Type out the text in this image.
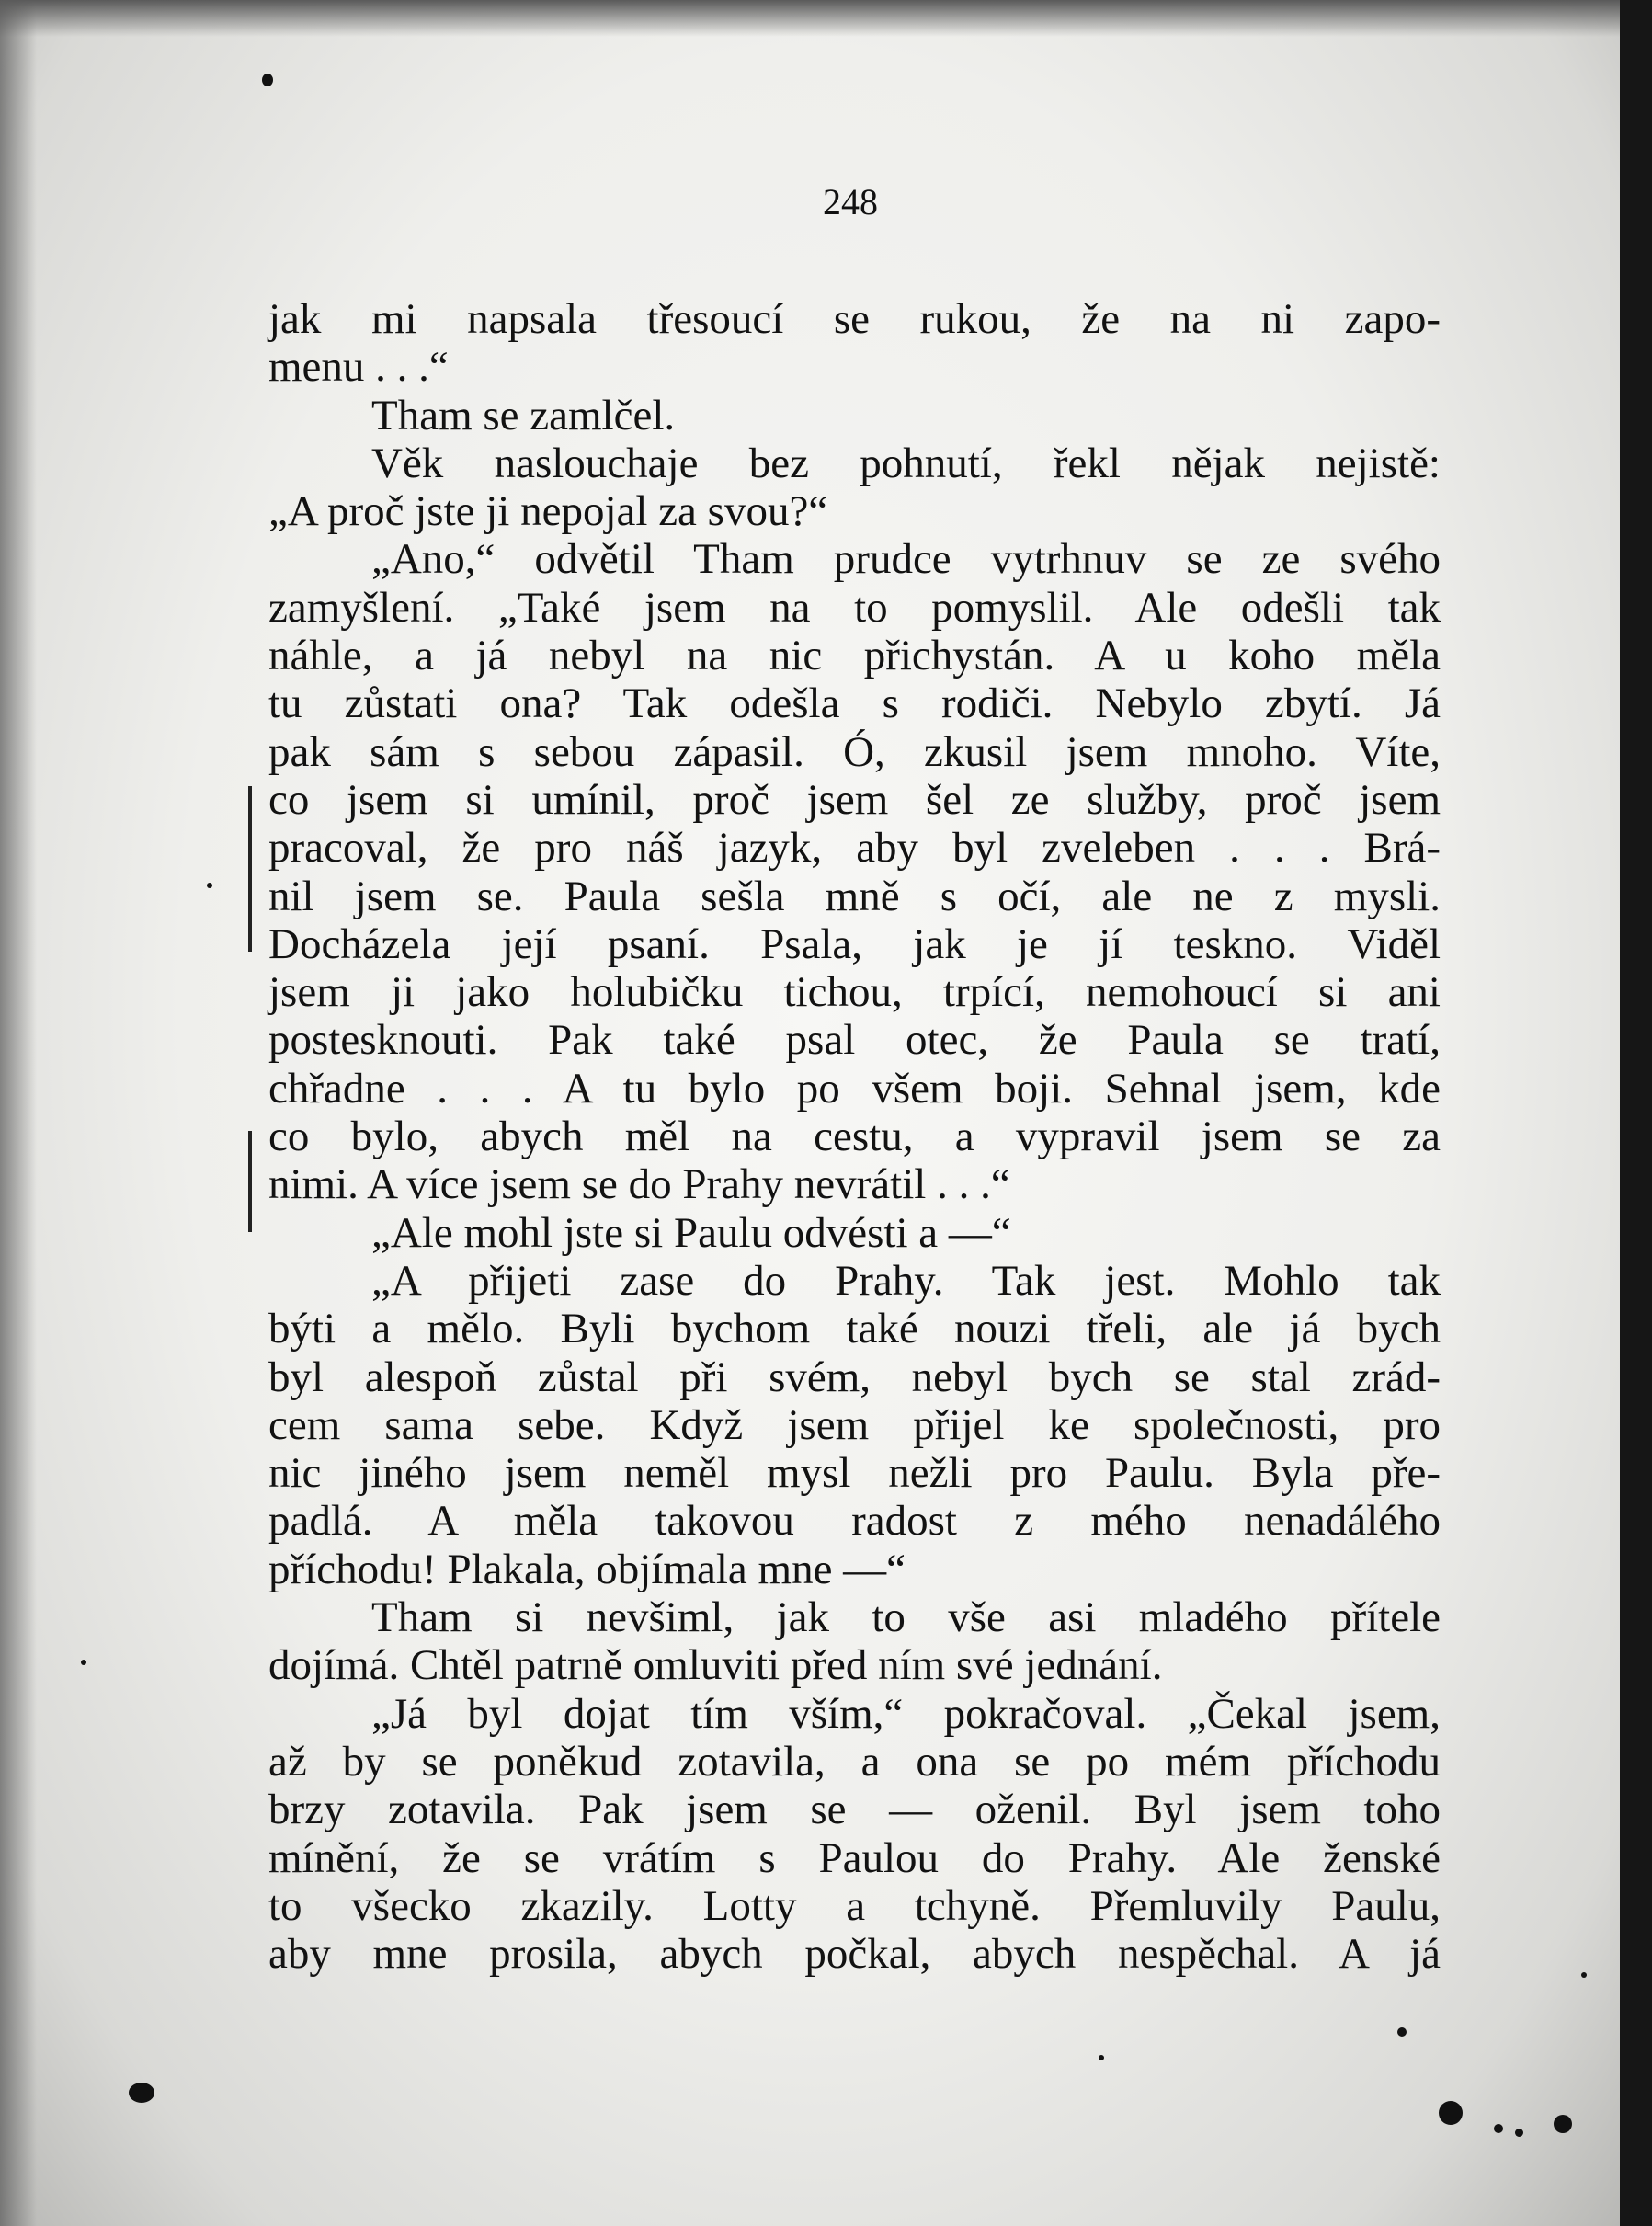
248
jak mi napsala třesoucí se rukou, že na ni zapo-
menu . . .“
Tham se zamlčel.
Věk naslouchaje bez pohnutí, řekl nějak nejistě:
„A proč jste ji nepojal za svou?“
„Ano,“ odvětil Tham prudce vytrhnuv se ze svého
zamyšlení. „Také jsem na to pomyslil. Ale odešli tak
náhle, a já nebyl na nic přichystán. A u koho měla
tu zůstati ona? Tak odešla s rodiči. Nebylo zbytí. Já
pak sám s sebou zápasil. Ó, zkusil jsem mnoho. Víte,
co jsem si umínil, proč jsem šel ze služby, proč jsem
pracoval, že pro náš jazyk, aby byl zveleben . . . Brá-
nil jsem se. Paula sešla mně s očí, ale ne z mysli.
Docházela její psaní. Psala, jak je jí teskno. Viděl
jsem ji jako holubičku tichou, trpící, nemohoucí si ani
postesknouti. Pak také psal otec, že Paula se tratí,
chřadne . . . A tu bylo po všem boji. Sehnal jsem, kde
co bylo, abych měl na cestu, a vypravil jsem se za
nimi. A více jsem se do Prahy nevrátil . . .“
„Ale mohl jste si Paulu odvésti a —“
„A přijeti zase do Prahy. Tak jest. Mohlo tak
býti a mělo. Byli bychom také nouzi třeli, ale já bych
byl alespoň zůstal při svém, nebyl bych se stal zrád-
cem sama sebe. Když jsem přijel ke společnosti, pro
nic jiného jsem neměl mysl nežli pro Paulu. Byla pře-
padlá. A měla takovou radost z mého nenadálého
příchodu! Plakala, objímala mne —“
Tham si nevšiml, jak to vše asi mladého přítele
dojímá. Chtěl patrně omluviti před ním své jednání.
„Já byl dojat tím vším,“ pokračoval. „Čekal jsem,
až by se poněkud zotavila, a ona se po mém příchodu
brzy zotavila. Pak jsem se — oženil. Byl jsem toho
mínění, že se vrátím s Paulou do Prahy. Ale ženské
to všecko zkazily. Lotty a tchyně. Přemluvily Paulu,
aby mne prosila, abych počkal, abych nespěchal. A já
